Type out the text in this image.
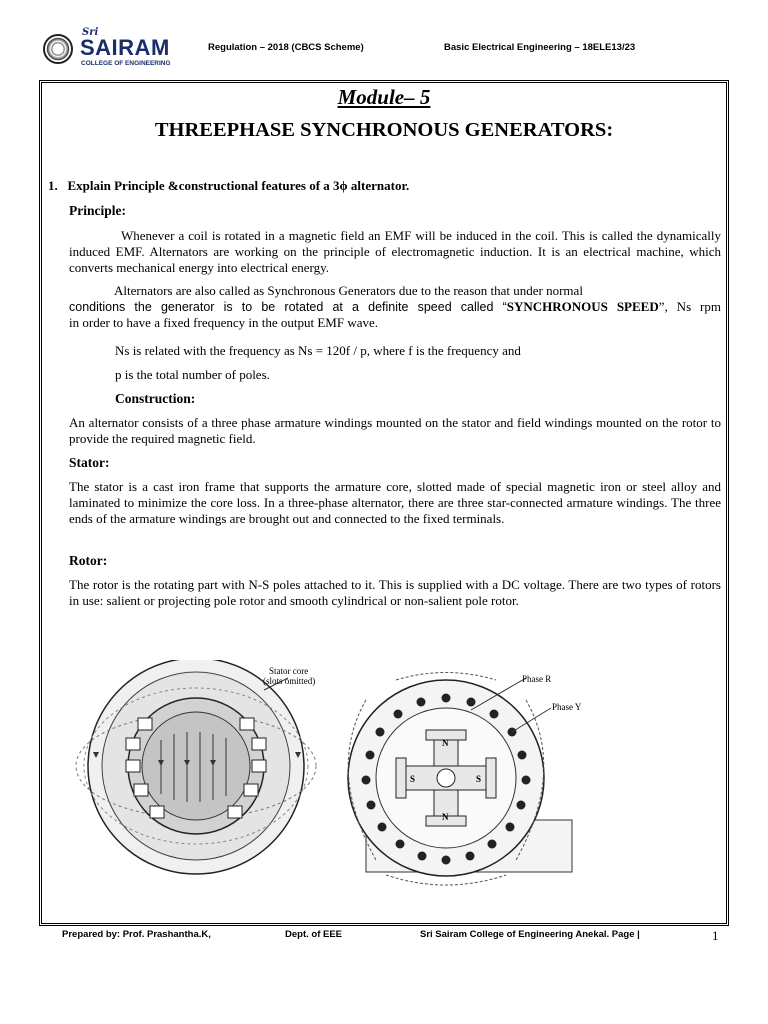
Sri
SAIRAM
COLLEGE OF ENGINEERING
Regulation – 2018 (CBCS Scheme)	Basic Electrical Engineering – 18ELE13/23
Module– 5
THREEPHASE SYNCHRONOUS GENERATORS:
1. Explain Principle &constructional features of a 3ϕ alternator.
Principle:
Whenever a coil is rotated in a magnetic field an EMF will be induced in the coil. This is called the dynamically induced EMF. Alternators are working on the principle of electromagnetic induction. It is an electrical machine, which converts mechanical energy into electrical energy.
Alternators are also called as Synchronous Generators due to the reason that under normal
conditions the generator is to be rotated at a definite speed called “SYNCHRONOUS SPEED”, Ns rpm
in order to have a fixed frequency in the output EMF wave.
Ns is related with the frequency as Ns = 120f / p, where f is the frequency and
p is the total number of poles.
Construction:
An alternator consists of a three phase armature windings mounted on the stator and field windings mounted on the rotor to provide the required magnetic field.
Stator:
The stator is a cast iron frame that supports the armature core, slotted made of special magnetic iron or steel alloy and laminated to minimize the core loss. In a three-phase alternator, there are three star-connected armature windings. The three ends of the armature windings are brought out and connected to the fixed terminals.
Rotor:
The rotor is the rotating part with N-S poles attached to it. This is supplied with a DC voltage. There are two types of rotors in use: salient or projecting pole rotor and smooth cylindrical or non-salient pole rotor.
Stator core
(slots omitted)	Phase R
Phase Y
N
N
S	S
Prepared by: Prof. Prashantha.K,	Dept. of EEE	Sri Sairam College of Engineering Anekal. Page |	1
